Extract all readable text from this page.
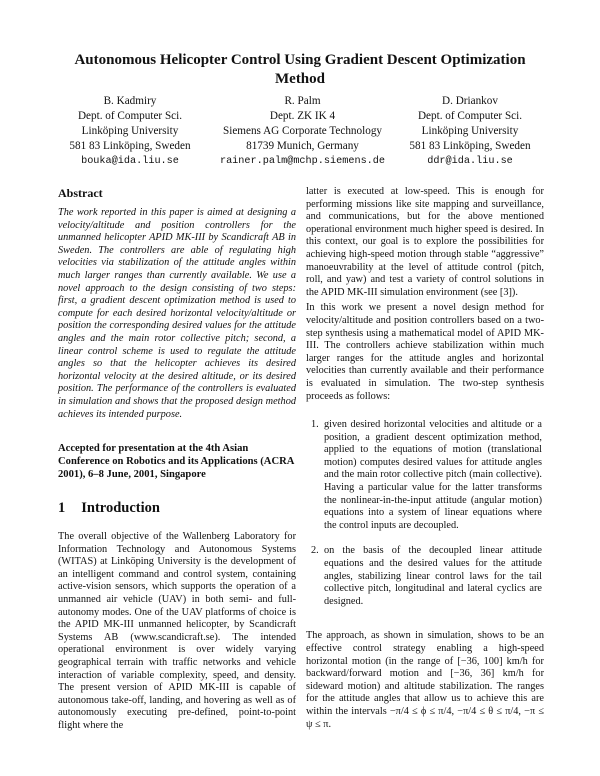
Autonomous Helicopter Control Using Gradient Descent Optimization Method
B. Kadmiry
Dept. of Computer Sci.
Linköping University
581 83 Linköping, Sweden
bouka@ida.liu.se
R. Palm
Dept. ZK IK 4
Siemens AG Corporate Technology
81739 Munich, Germany
rainer.palm@mchp.siemens.de
D. Driankov
Dept. of Computer Sci.
Linköping University
581 83 Linköping, Sweden
ddr@ida.liu.se
Abstract

The work reported in this paper is aimed at designing a velocity/altitude and position controllers for the unmanned helicopter APID MK-III by Scandicraft AB in Sweden. The controllers are able of regulating high velocities via stabilization of the attitude angles within much larger ranges than currently available. We use a novel approach to the design consisting of two steps: first, a gradient descent optimization method is used to compute for each desired horizontal velocity/altitude or position the corresponding desired values for the attitude angles and the main rotor collective pitch; second, a linear control scheme is used to regulate the attitude angles so that the helicopter achieves its desired horizontal velocity at the desired altitude, or its desired position. The performance of the controllers is evaluated in simulation and shows that the proposed design method achieves its intended purpose.

Accepted for presentation at the 4th Asian Conference on Robotics and its Applications (ACRA 2001), 6–8 June, 2001, Singapore

1 Introduction

The overall objective of the Wallenberg Laboratory for Information Technology and Autonomous Systems (WITAS) at Linköping University is the development of an intelligent command and control system, containing active-vision sensors, which supports the operation of a unmanned air vehicle (UAV) in both semi- and full-autonomy modes. One of the UAV platforms of choice is the APID MK-III unmanned helicopter, by Scandicraft Systems AB (www.scandicraft.se). The intended operational environment is over widely varying geographical terrain with traffic networks and vehicle interaction of variable complexity, speed, and density. The present version of APID MK-III is capable of autonomous take-off, landing, and hovering as well as of autonomously executing pre-defined, point-to-point flight where the

latter is executed at low-speed. This is enough for performing missions like site mapping and surveillance, and communications, but for the above mentioned operational environment much higher speed is desired. In this context, our goal is to explore the possibilities for achieving high-speed motion through stable “aggressive” manoeuvrability at the level of attitude control (pitch, roll, and yaw) and test a variety of control solutions in the APID MK-III simulation environment (see [3]).

In this work we present a novel design method for velocity/altitude and position controllers based on a two-step synthesis using a mathematical model of APID MK-III. The controllers achieve stabilization within much larger ranges for the attitude angles and horizontal velocities than currently available and their performance is evaluated in simulation. The two-step synthesis proceeds as follows:

1. given desired horizontal velocities and altitude or a position, a gradient descent optimization method, applied to the equations of motion (translational motion) computes desired values for attitude angles and the main rotor collective pitch (main collective). Having a particular value for the latter transforms the nonlinear-in-the-input attitude (angular motion) equations into a system of linear equations where the control inputs are decoupled.

2. on the basis of the decoupled linear attitude equations and the desired values for the attitude angles, stabilizing linear control laws for the tail collective pitch, longitudinal and lateral cyclics are designed.

The approach, as shown in simulation, shows to be an effective control strategy enabling a high-speed horizontal motion (in the range of [−36, 100] km/h for backward/forward motion and [−36, 36] km/h for sideward motion) and altitude stabilization. The ranges for the attitude angles that allow us to achieve this are within the intervals −π/4 ≤ ϕ ≤ π/4, −π/4 ≤ θ ≤ π/4, −π ≤ ψ ≤ π.
